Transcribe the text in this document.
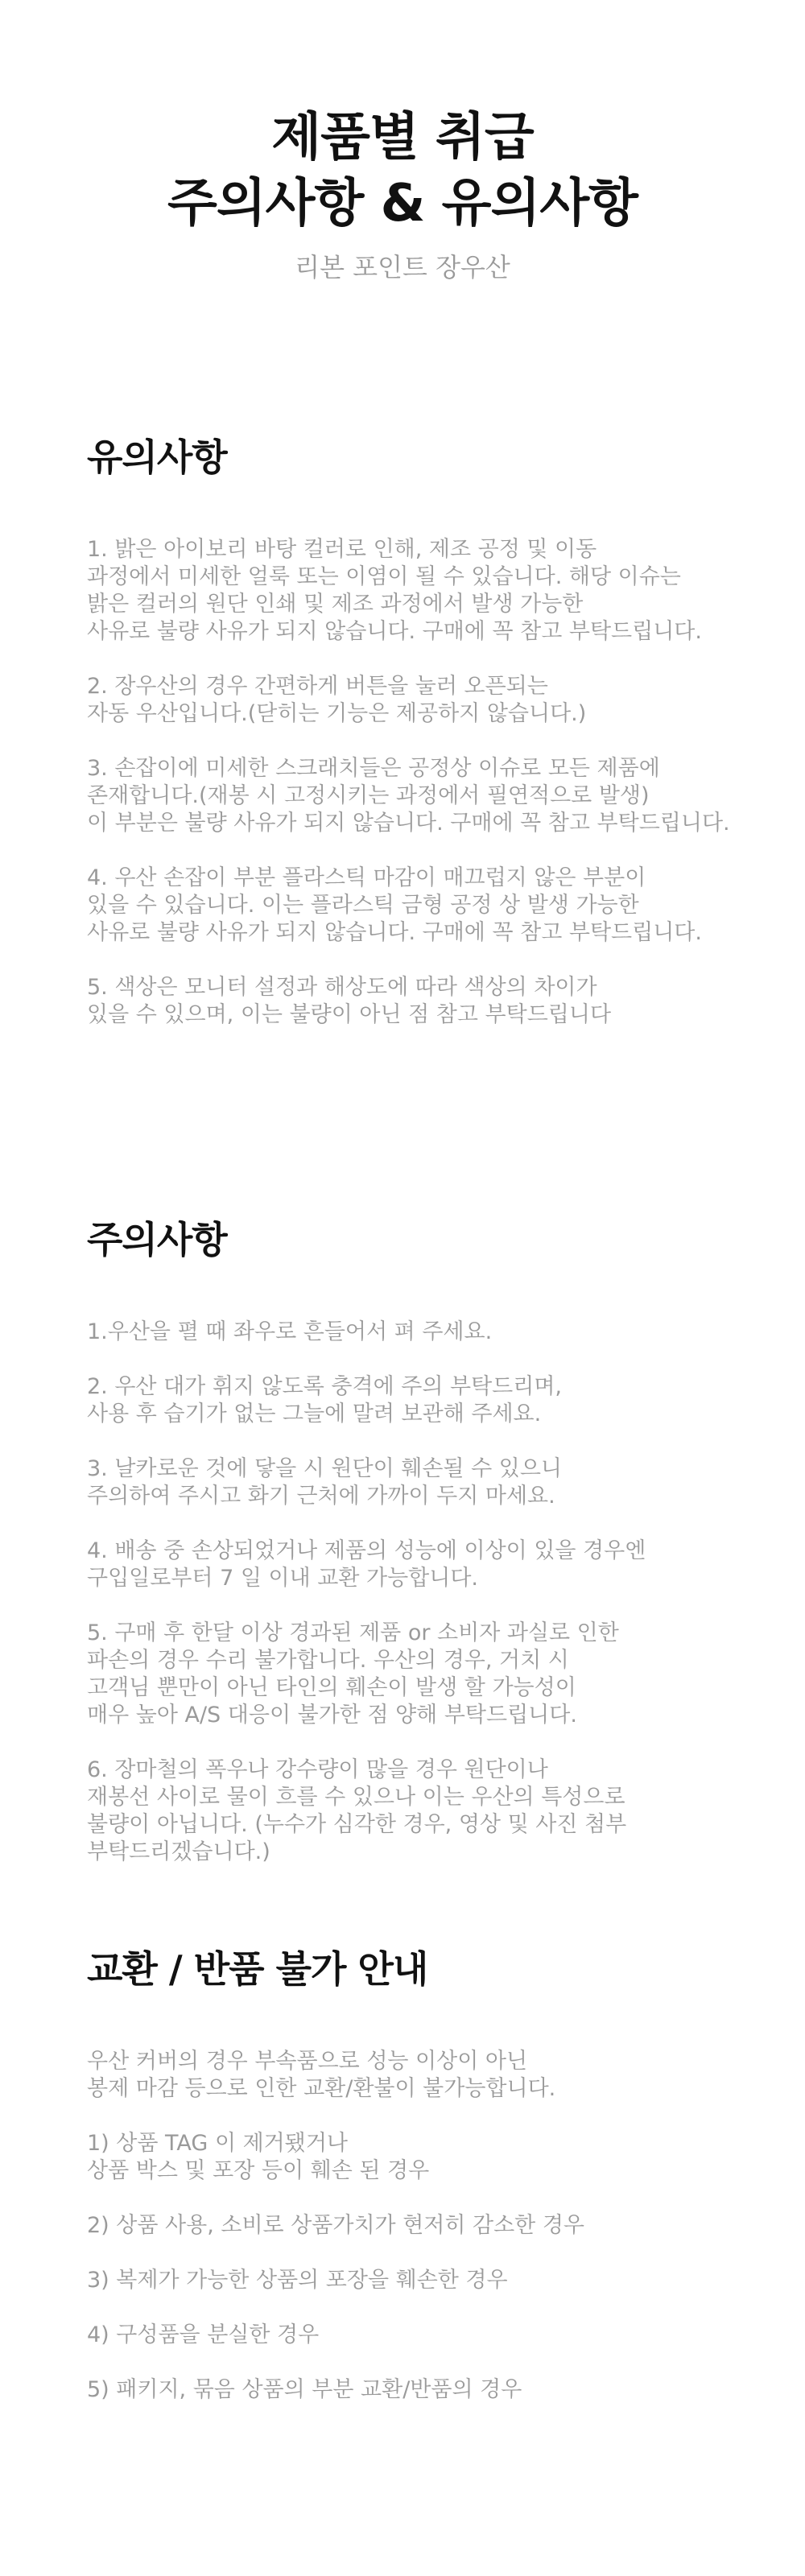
제품별 취급
주의사항 & 유의사항
리본 포인트 장우산
유의사항
1. 밝은 아이보리 바탕 컬러로 인해, 제조 공정 및 이동
과정에서 미세한 얼룩 또는 이염이 될 수 있습니다. 해당 이슈는
밝은 컬러의 원단 인쇄 및 제조 과정에서 발생 가능한
사유로 불량 사유가 되지 않습니다. 구매에 꼭 참고 부탁드립니다.
2. 장우산의 경우 간편하게 버튼을 눌러 오픈되는
자동 우산입니다.(닫히는 기능은 제공하지 않습니다.)
3. 손잡이에 미세한 스크래치들은 공정상 이슈로 모든 제품에
존재합니다.(재봉 시 고정시키는 과정에서 필연적으로 발생)
이 부분은 불량 사유가 되지 않습니다. 구매에 꼭 참고 부탁드립니다.
4. 우산 손잡이 부분 플라스틱 마감이 매끄럽지 않은 부분이
있을 수 있습니다. 이는 플라스틱 금형 공정 상 발생 가능한
사유로 불량 사유가 되지 않습니다. 구매에 꼭 참고 부탁드립니다.
5. 색상은 모니터 설정과 해상도에 따라 색상의 차이가
있을 수 있으며, 이는 불량이 아닌 점 참고 부탁드립니다
주의사항
1.우산을 펼 때 좌우로 흔들어서 펴 주세요.
2. 우산 대가 휘지 않도록 충격에 주의 부탁드리며,
사용 후 습기가 없는 그늘에 말려 보관해 주세요.
3. 날카로운 것에 닿을 시 원단이 훼손될 수 있으니
주의하여 주시고 화기 근처에 가까이 두지 마세요.
4. 배송 중 손상되었거나 제품의 성능에 이상이 있을 경우엔
구입일로부터 7 일 이내 교환 가능합니다.
5. 구매 후 한달 이상 경과된 제품 or 소비자 과실로 인한
파손의 경우 수리 불가합니다. 우산의 경우, 거치 시
고객님 뿐만이 아닌 타인의 훼손이 발생 할 가능성이
매우 높아 A/S 대응이 불가한 점 양해 부탁드립니다.
6. 장마철의 폭우나 강수량이 많을 경우 원단이나
재봉선 사이로 물이 흐를 수 있으나 이는 우산의 특성으로
불량이 아닙니다. (누수가 심각한 경우, 영상 및 사진 첨부
부탁드리겠습니다.)
교환 / 반품 불가 안내
우산 커버의 경우 부속품으로 성능 이상이 아닌
봉제 마감 등으로 인한 교환/환불이 불가능합니다.
1) 상품 TAG 이 제거됐거나
상품 박스 및 포장 등이 훼손 된 경우
2) 상품 사용, 소비로 상품가치가 현저히 감소한 경우
3) 복제가 가능한 상품의 포장을 훼손한 경우
4) 구성품을 분실한 경우
5) 패키지, 묶음 상품의 부분 교환/반품의 경우
